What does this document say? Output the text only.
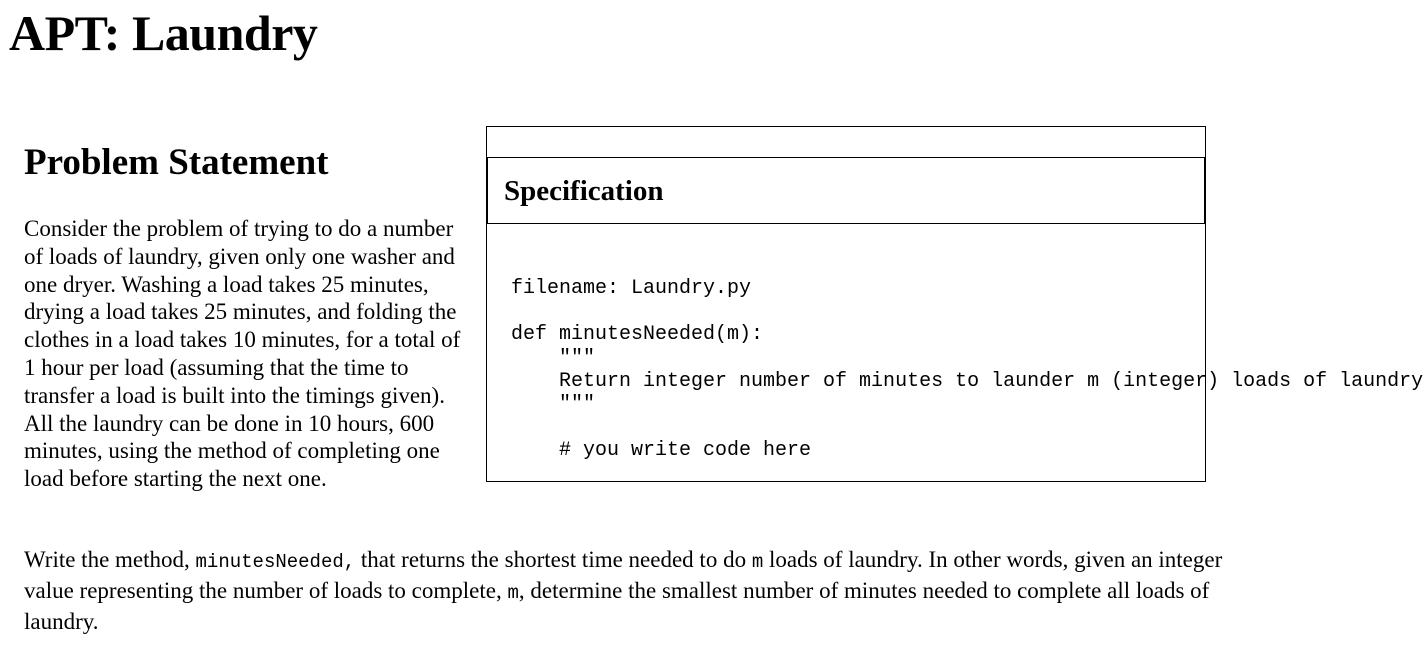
APT: Laundry
Problem Statement

Consider the problem of trying to do a number of loads of laundry, given only one washer and one dryer. Washing a load takes 25 minutes, drying a load takes 25 minutes, and folding the clothes in a load takes 10 minutes, for a total of 1 hour per load (assuming that the time to transfer a load is built into the timings given). All the laundry can be done in 10 hours, 600 minutes, using the method of completing one load before starting the next one.

Specification
filename: Laundry.py

def minutesNeeded(m):
"""
Return integer number of minutes to launder m (integer) loads of laundry
"""

# you write code here

Write the method, minutesNeeded, that returns the shortest time needed to do m loads of laundry. In other words, given an integer value representing the number of loads to complete, m, determine the smallest number of minutes needed to complete all loads of laundry.
